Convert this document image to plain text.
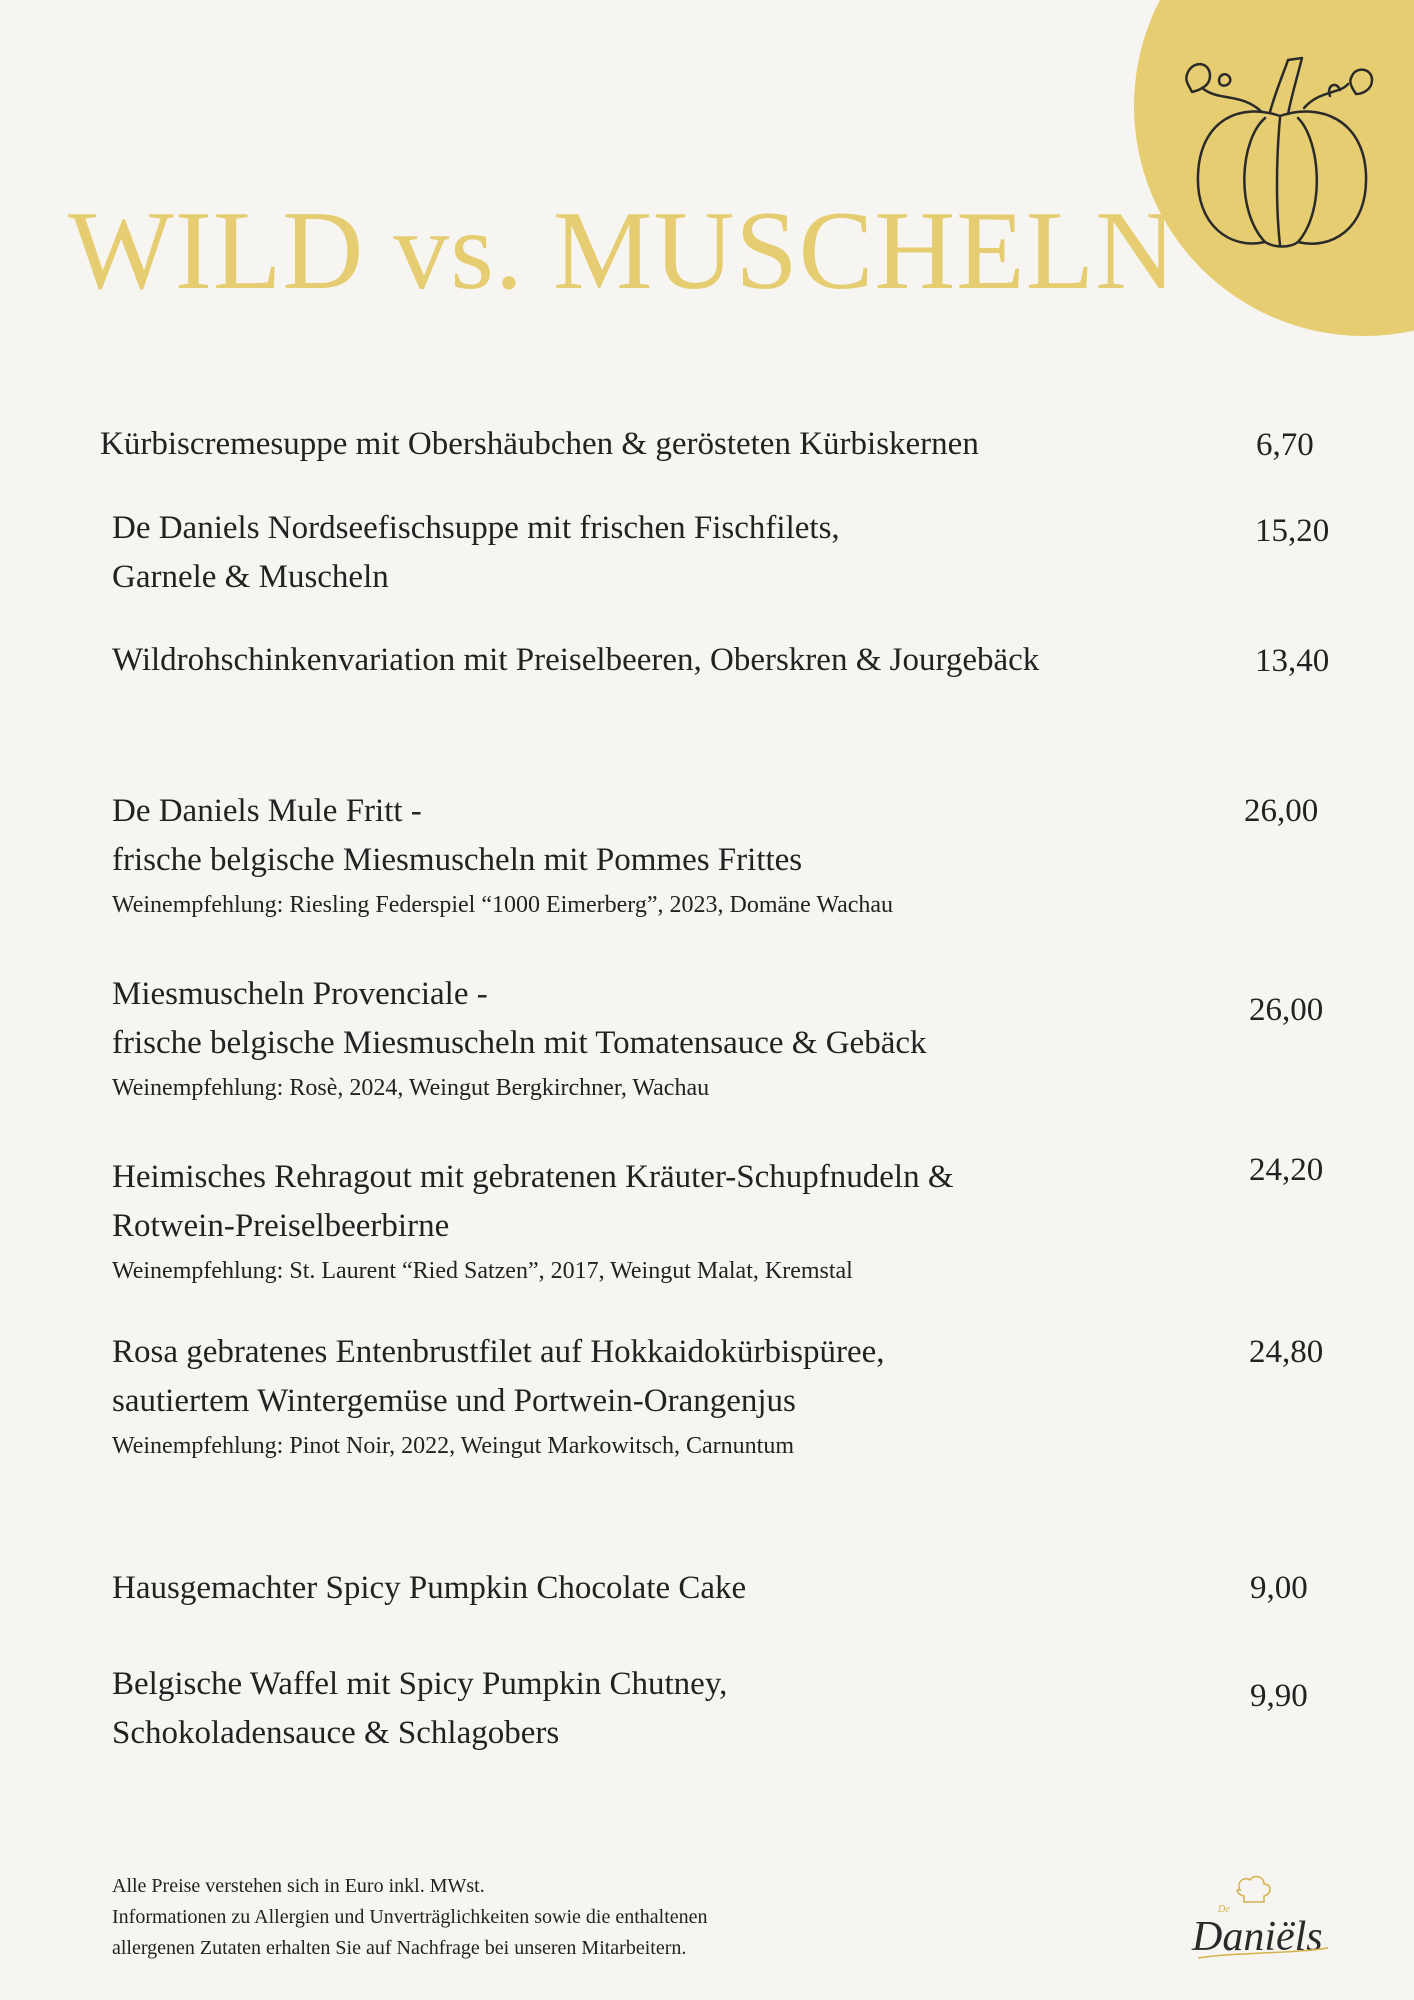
WILD vs. MUSCHELN
Kürbiscremesuppe mit Obershäubchen & gerösteten Kürbiskernen	6,70
De Daniels Nordseefischsuppe mit frischen Fischfilets,
Garnele & Muscheln
15,20
Wildrohschinkenvariation mit Preiselbeeren, Oberskren & Jourgebäck	13,40
De Daniels Mule Fritt -
frische belgische Miesmuscheln mit Pommes Frittes
Weinempfehlung: Riesling Federspiel “1000 Eimerberg”, 2023, Domäne Wachau
26,00
Miesmuscheln Provenciale -
frische belgische Miesmuscheln mit Tomatensauce & Gebäck
Weinempfehlung: Rosè, 2024, Weingut Bergkirchner, Wachau
26,00
Heimisches Rehragout mit gebratenen Kräuter-Schupfnudeln &
Rotwein-Preiselbeerbirne
Weinempfehlung: St. Laurent “Ried Satzen”, 2017, Weingut Malat, Kremstal
24,20
Rosa gebratenes Entenbrustfilet auf Hokkaidokürbispüree,
sautiertem Wintergemüse und Portwein-Orangenjus
Weinempfehlung: Pinot Noir, 2022, Weingut Markowitsch, Carnuntum
24,80
Hausgemachter Spicy Pumpkin Chocolate Cake	9,00
Belgische Waffel mit Spicy Pumpkin Chutney,
Schokoladensauce & Schlagobers
9,90
Alle Preise verstehen sich in Euro inkl. MWst.
Informationen zu Allergien und Unverträglichkeiten sowie die enthaltenen
allergenen Zutaten erhalten Sie auf Nachfrage bei unseren Mitarbeitern.
De
Daniëls
